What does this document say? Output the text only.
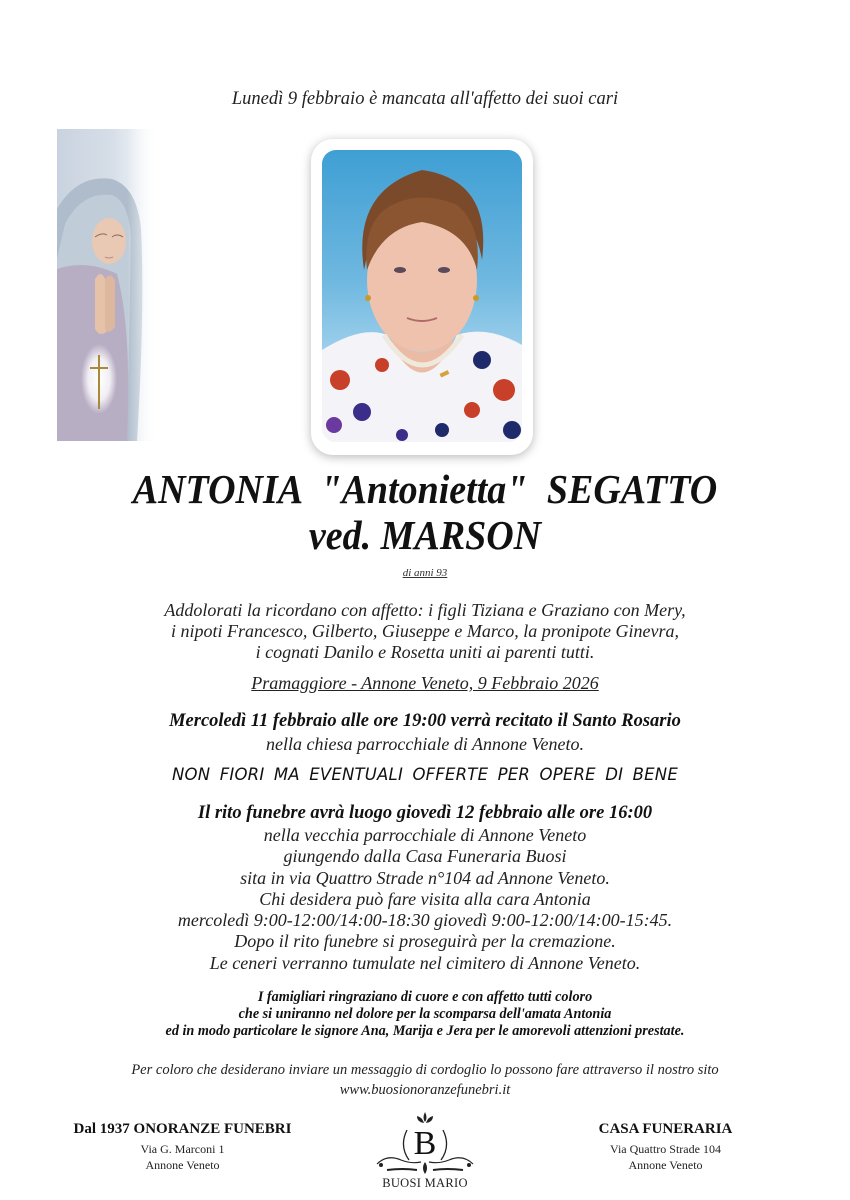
Lunedì 9 febbraio è mancata all'affetto dei suoi cari
ANTONIA "Antonietta" SEGATTO
ved. MARSON
di anni 93
Addolorati la ricordano con affetto: i figli Tiziana e Graziano con Mery,
i nipoti Francesco, Gilberto, Giuseppe e Marco, la pronipote Ginevra,
i cognati Danilo e Rosetta uniti ai parenti tutti.
Pramaggiore - Annone Veneto, 9 Febbraio 2026
Mercoledì 11 febbraio alle ore 19:00 verrà recitato il Santo Rosario
nella chiesa parrocchiale di Annone Veneto.
NON FIORI MA EVENTUALI OFFERTE PER OPERE DI BENE
Il rito funebre avrà luogo giovedì 12 febbraio alle ore 16:00
nella vecchia parrocchiale di Annone Veneto
giungendo dalla Casa Funeraria Buosi
sita in via Quattro Strade n°104 ad Annone Veneto.
Chi desidera può fare visita alla cara Antonia
mercoledì 9:00-12:00/14:00-18:30 giovedì 9:00-12:00/14:00-15:45.
Dopo il rito funebre si proseguirà per la cremazione.
Le ceneri verranno tumulate nel cimitero di Annone Veneto.
I famigliari ringraziano di cuore e con affetto tutti coloro
che si uniranno nel dolore per la scomparsa dell'amata Antonia
ed in modo particolare le signore Ana, Marija e Jera per le amorevoli attenzioni prestate.
Per coloro che desiderano inviare un messaggio di cordoglio lo possono fare attraverso il nostro sito
www.buosionoranzefunebri.it
Dal 1937 ONORANZE FUNEBRI
Via G. Marconi 1
Annone Veneto
B
BUOSI MARIO
CASA FUNERARIA
Via Quattro Strade 104
Annone Veneto
